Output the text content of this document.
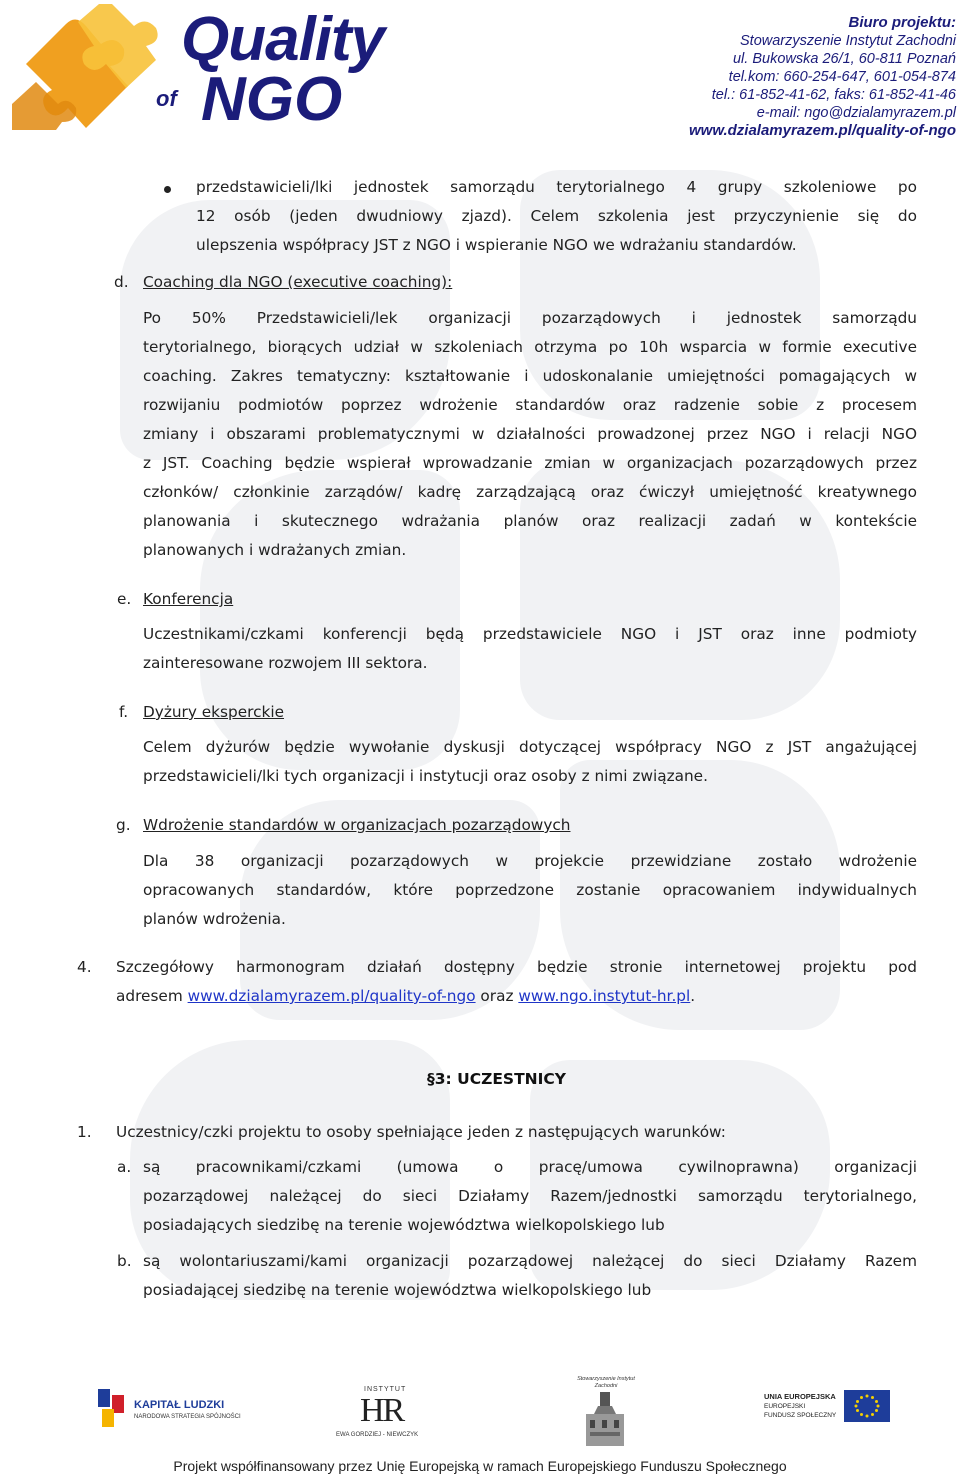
Quality
of NGO
Biuro projektu:
Stowarzyszenie Instytut Zachodni
ul. Bukowska 26/1, 60-811 Poznań
tel.kom: 660-254-647, 601-054-874
tel.: 61-852-41-62, faks: 61-852-41-46
e-mail: ngo@dzialamyrazem.pl
www.dzialamyrazem.pl/quality-of-ngo
przedstawicieli/lki jednostek samorządu terytorialnego 4 grupy szkoleniowe po
12 osób (jeden dwudniowy zjazd). Celem szkolenia jest przyczynienie się do
ulepszenia współpracy JST z NGO i wspieranie NGO we wdrażaniu standardów.
d. Coaching dla NGO (executive coaching):
Po 50% Przedstawicieli/lek organizacji pozarządowych i jednostek samorządu
terytorialnego, biorących udział w szkoleniach otrzyma po 10h wsparcia w formie executive
coaching. Zakres tematyczny: kształtowanie i udoskonalanie umiejętności pomagających w
rozwijaniu podmiotów poprzez wdrożenie standardów oraz radzenie sobie z procesem
zmiany i obszarami problematycznymi w działalności prowadzonej przez NGO i relacji NGO
z JST. Coaching będzie wspierał wprowadzanie zmian w organizacjach pozarządowych przez
członków/ członkinie zarządów/ kadrę zarządzającą oraz ćwiczył umiejętność kreatywnego
planowania i skutecznego wdrażania planów oraz realizacji zadań w kontekście
planowanych i wdrażanych zmian.
e. Konferencja
Uczestnikami/czkami konferencji będą przedstawiciele NGO i JST oraz inne podmioty
zainteresowane rozwojem III sektora.
f. Dyżury eksperckie
Celem dyżurów będzie wywołanie dyskusji dotyczącej współpracy NGO z JST angażującej
przedstawicieli/lki tych organizacji i instytucji oraz osoby z nimi związane.
g. Wdrożenie standardów w organizacjach pozarządowych
Dla 38 organizacji pozarządowych w projekcie przewidziane zostało wdrożenie
opracowanych standardów, które poprzedzone zostanie opracowaniem indywidualnych
planów wdrożenia.
4. Szczegółowy harmonogram działań dostępny będzie stronie internetowej projektu pod
adresem www.dzialamyrazem.pl/quality-of-ngo oraz www.ngo.instytut-hr.pl.
§3: UCZESTNICY
1. Uczestnicy/czki projektu to osoby spełniające jeden z następujących warunków:
a. są pracownikami/czkami (umowa o pracę/umowa cywilnoprawna) organizacji
pozarządowej należącej do sieci Działamy Razem/jednostki samorządu terytorialnego,
posiadających siedzibę na terenie województwa wielkopolskiego lub
b. są wolontariuszami/kami organizacji pozarządowej należącej do sieci Działamy Razem
posiadającej siedzibę na terenie województwa wielkopolskiego lub
KAPITAŁ LUDZKI
NARODOWA STRATEGIA SPÓJNOŚCI
INSTYTUT
HR
EWA GORDZIEJ - NIEWCZYK
Stowarzyszenie Instytut Zachodni
UNIA EUROPEJSKA
EUROPEJSKI
FUNDUSZ SPOŁECZNY
Projekt współfinansowany przez Unię Europejską w ramach Europejskiego Funduszu Społecznego
